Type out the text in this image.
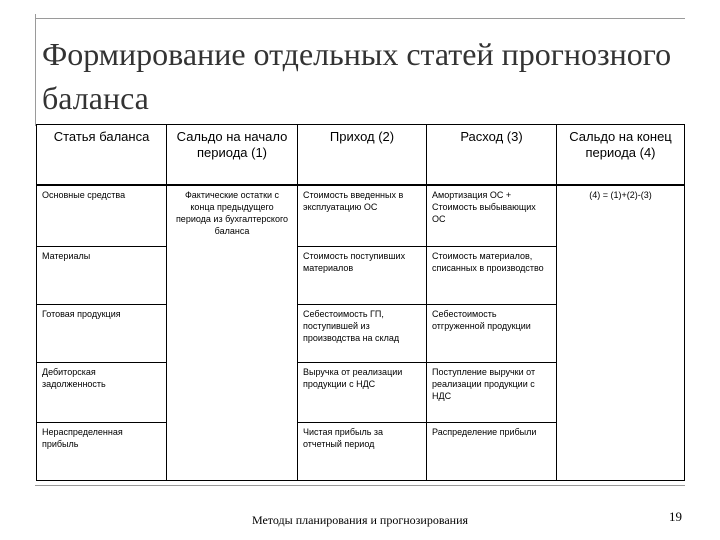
Формирование отдельных статей прогнозного баланса
Статья баланса	Сальдо на начало периода (1)	Приход (2)	Расход (3)	Сальдо на конец периода (4)
Основные средства	Фактические остатки с конца предыдущего периода из бухгалтерского баланса	Стоимость введенных в эксплуатацию ОС	Амортизация ОС + Стоимость выбывающих ОС	(4) = (1)+(2)-(3)
Материалы		Стоимость поступивших материалов	Стоимость материалов, списанных в производство	
Готовая продукция		Себестоимость ГП, поступившей из производства на склад	Себестоимость отгруженной продукции	
Дебиторская задолженность		Выручка от реализации продукции с НДС	Поступление выручки от реализации продукции с НДС	
Нераспределенная прибыль		Чистая прибыль за отчетный период	Распределение прибыли	
Методы планирования и прогнозирования	19
